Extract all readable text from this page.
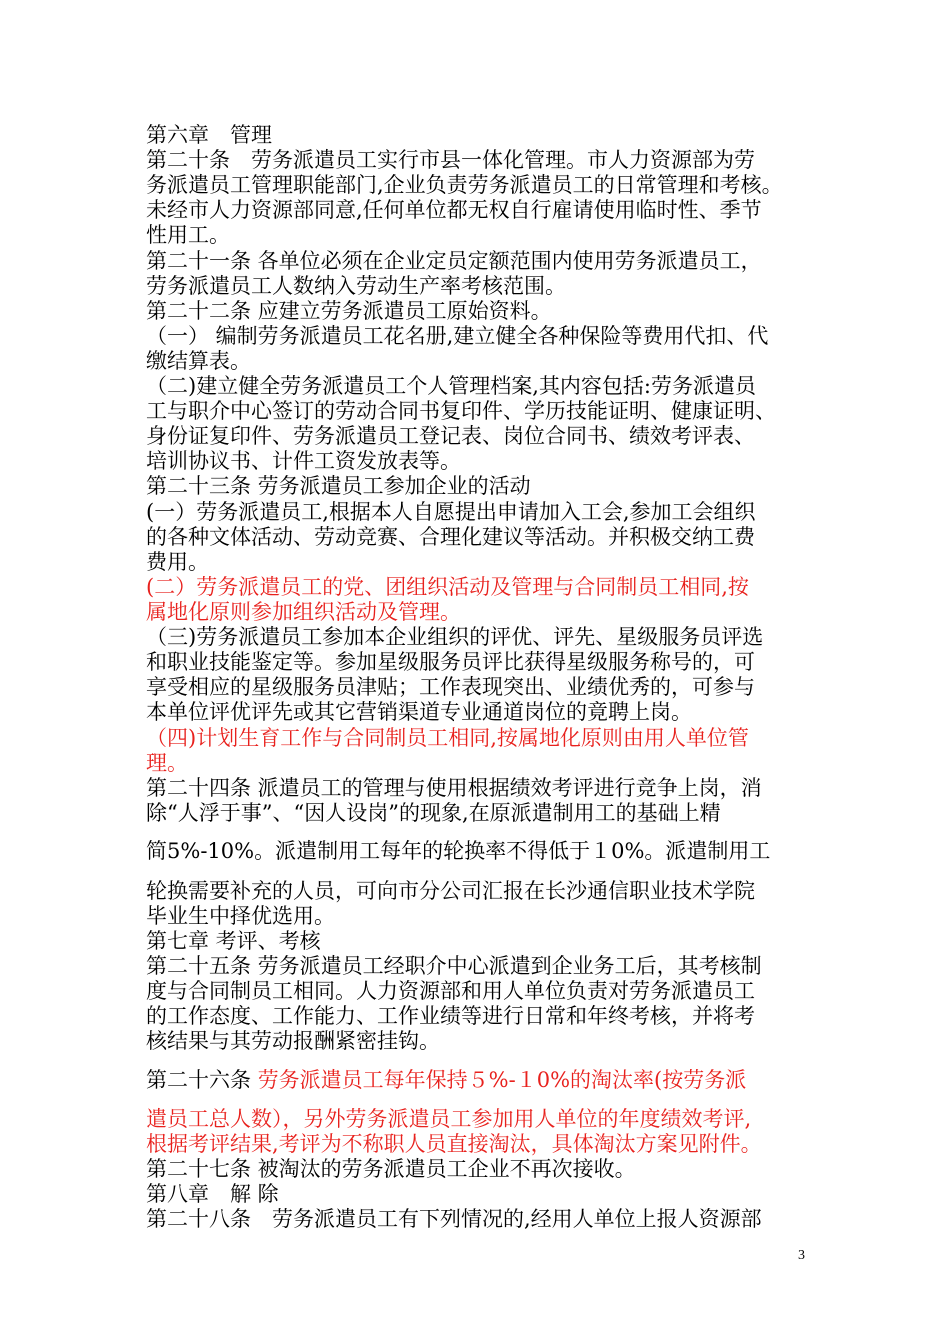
3
第六章　管理
第二十条　劳务派遣员工实行市县一体化管理。市人力资源部为劳
务派遣员工管理职能部门,企业负责劳务派遣员工的日常管理和考核。
未经市人力资源部同意,任何单位都无权自行雇请使用临时性、季节
性用工。
第二十一条 各单位必须在企业定员定额范围内使用劳务派遣员工，
劳务派遣员工人数纳入劳动生产率考核范围。
第二十二条 应建立劳务派遣员工原始资料。
（一） 编制劳务派遣员工花名册,建立健全各种保险等费用代扣、代
缴结算表。
（二)建立健全劳务派遣员工个人管理档案,其内容包括:劳务派遣员
工与职介中心签订的劳动合同书复印件、学历技能证明、健康证明、
身份证复印件、劳务派遣员工登记表、岗位合同书、绩效考评表、
培训协议书、计件工资发放表等。
第二十三条 劳务派遣员工参加企业的活动
(一）劳务派遣员工,根据本人自愿提出申请加入工会,参加工会组织
的各种文体活动、劳动竞赛、合理化建议等活动。并积极交纳工费
费用。
(二）劳务派遣员工的党、团组织活动及管理与合同制员工相同,按
属地化原则参加组织活动及管理。
（三)劳务派遣员工参加本企业组织的评优、评先、星级服务员评选
和职业技能鉴定等。参加星级服务员评比获得星级服务称号的，可
享受相应的星级服务员津贴；工作表现突出、业绩优秀的，可参与
本单位评优评先或其它营销渠道专业通道岗位的竟聘上岗。
（四)计划生育工作与合同制员工相同,按属地化原则由用人单位管
理。
第二十四条 派遣员工的管理与使用根据绩效考评进行竞争上岗，消
除“人浮于事”、“因人设岗”的现象,在原派遣制用工的基础上精
简5%-10%。派遣制用工每年的轮换率不得低于１0%。派遣制用工
轮换需要补充的人员，可向市分公司汇报在长沙通信职业技术学院
毕业生中择优选用。
第七章 考评、考核
第二十五条 劳务派遣员工经职介中心派遣到企业务工后，其考核制
度与合同制员工相同。人力资源部和用人单位负责对劳务派遣员工
的工作态度、工作能力、工作业绩等进行日常和年终考核，并将考
核结果与其劳动报酬紧密挂钩。
第二十六条 劳务派遣员工每年保持５%-１0%的淘汰率(按劳务派
遣员工总人数），另外劳务派遣员工参加用人单位的年度绩效考评,
根据考评结果,考评为不称职人员直接淘汰，具体淘汰方案见附件。
第二十七条 被淘汰的劳务派遣员工企业不再次接收。
第八章　解 除
第二十八条　劳务派遣员工有下列情况的,经用人单位上报人资源部
